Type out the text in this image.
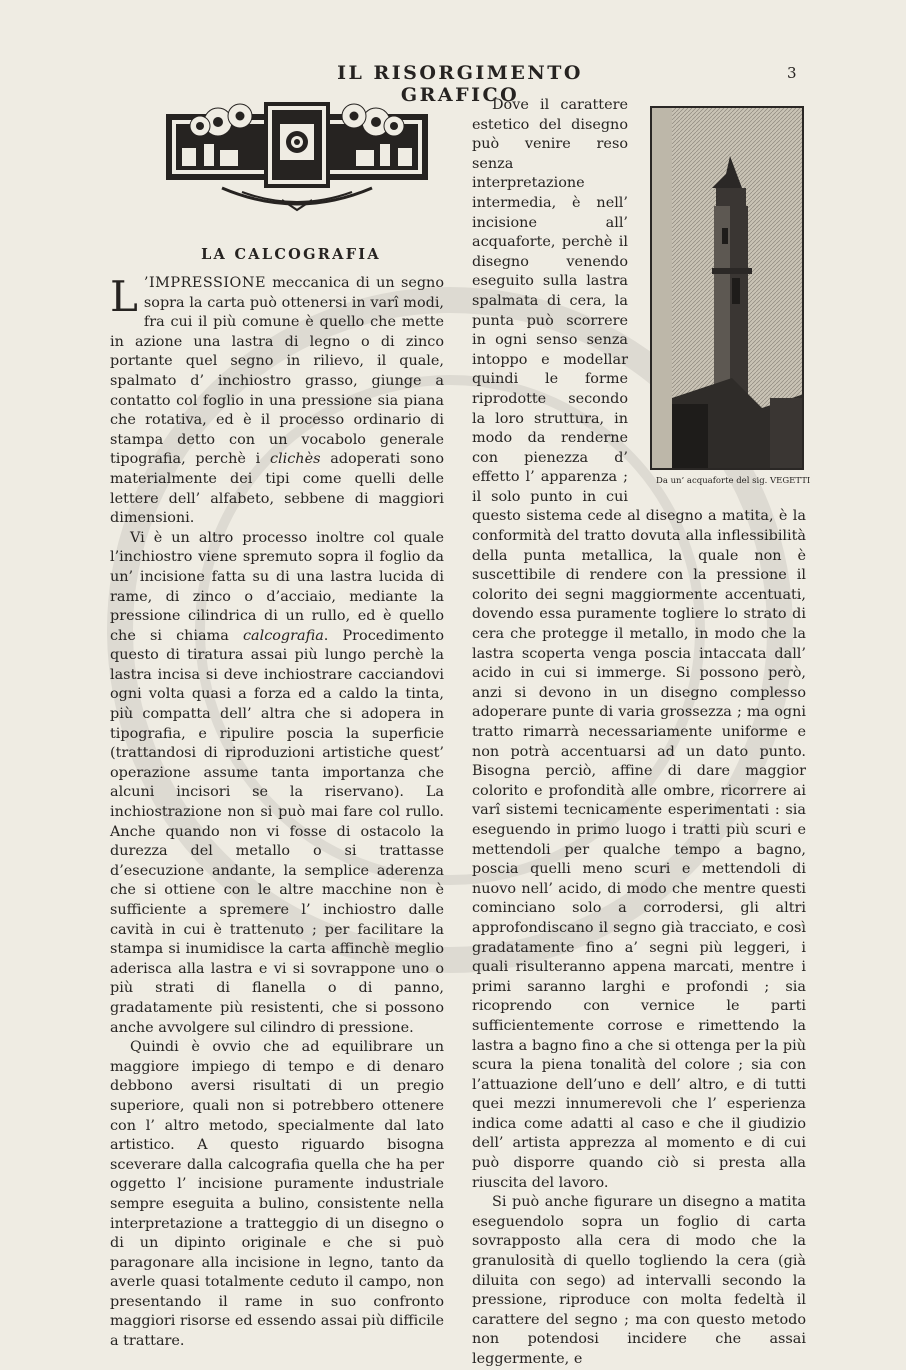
IL RISORGIMENTO GRAFICO
3
LA CALCOGRAFIA

L ’IMPRESSIONE meccanica di un segno sopra la carta può ottenersi in varî modi, fra cui il più comune è quello che mette in azione una lastra di legno o di zinco portante quel segno in rilievo, il quale, spalmato d’ inchiostro grasso, giunge a contatto col foglio in una pressione sia piana che rotativa, ed è il processo ordinario di stampa detto con un vocabolo generale tipografia, perchè i clichès adoperati sono materialmente dei tipi come quelli delle lettere dell’ alfabeto, sebbene di maggiori dimensioni.

Vi è un altro processo inoltre col quale l’inchiostro viene spremuto sopra il foglio da un’ incisione fatta su di una lastra lucida di rame, di zinco o d’acciaio, mediante la pressione cilindrica di un rullo, ed è quello che si chiama calcografia. Procedimento questo di tiratura assai più lungo perchè la lastra incisa si deve inchiostrare cacciandovi ogni volta quasi a forza ed a caldo la tinta, più compatta dell’ altra che si adopera in tipografia, e ripulire poscia la superficie (trattandosi di riproduzioni artistiche quest’ operazione assume tanta importanza che alcuni incisori se la riservano). La inchiostrazione non si può mai fare col rullo. Anche quando non vi fosse di ostacolo la durezza del metallo o si trattasse d’esecuzione andante, la semplice aderenza che si ottiene con le altre macchine non è sufficiente a spremere l’ inchiostro dalle cavità in cui è trattenuto ; per facilitare la stampa si inumidisce la carta affinchè meglio aderisca alla lastra e vi si sovrappone uno o più strati di flanella o di panno, gradatamente più resistenti, che si possono anche avvolgere sul cilindro di pressione.

Quindi è ovvio che ad equilibrare un maggiore impiego di tempo e di denaro debbono aversi risultati di un pregio superiore, quali non si potrebbero ottenere con l’ altro metodo, specialmente dal lato artistico. A questo riguardo bisogna sceverare dalla calcografia quella che ha per oggetto l’ incisione puramente industriale sempre eseguita a bulino, consistente nella interpretazione a tratteggio di un disegno o di un dipinto originale e che si può paragonare alla incisione in legno, tanto da averle quasi totalmente ceduto il campo, non presentando il rame in suo confronto maggiori risorse ed essendo assai più difficile a trattare.

Da un’ acquaforte del sig. VEGETTI
Dove il carattere estetico del disegno può venire reso senza interpretazione intermedia, è nell’ incisione all’ acquaforte, perchè il disegno venendo eseguito sulla lastra spalmata di cera, la punta può scorrere in ogni senso senza intoppo e modellar quindi le forme riprodotte secondo la loro struttura, in modo da renderne con pienezza d’ effetto l’ apparenza ; il solo punto in cui questo sistema cede al disegno a matita, è la conformità del tratto dovuta alla inflessibilità della punta metallica, la quale non è suscettibile di rendere con la pressione il colorito dei segni maggiormente accentuati, dovendo essa puramente togliere lo strato di cera che protegge il metallo, in modo che la lastra scoperta venga poscia intaccata dall’ acido in cui si immerge. Si possono però, anzi si devono in un disegno complesso adoperare punte di varia grossezza ; ma ogni tratto rimarrà necessariamente uniforme e non potrà accentuarsi ad un dato punto. Bisogna perciò, affine di dare maggior colorito e profondità alle ombre, ricorrere ai varî sistemi tecnicamente esperimentati : sia eseguendo in primo luogo i tratti più scuri e mettendoli per qualche tempo a bagno, poscia quelli meno scuri e mettendoli di nuovo nell’ acido, di modo che mentre questi cominciano solo a corrodersi, gli altri approfondiscano il segno già tracciato, e così gradatamente fino a’ segni più leggeri, i quali risulteranno appena marcati, mentre i primi saranno larghi e profondi ; sia ricoprendo con vernice le parti sufficientemente corrose e rimettendo la lastra a bagno fino a che si ottenga per la più scura la piena tonalità del colore ; sia con l’attuazione dell’uno e dell’ altro, e di tutti quei mezzi innumerevoli che l’ esperienza indica come adatti al caso e che il giudizio dell’ artista apprezza al momento e di cui può disporre quando ciò si presta alla riuscita del lavoro.

Si può anche figurare un disegno a matita eseguendolo sopra un foglio di carta sovrapposto alla cera di modo che la granulosità di quello togliendo la cera (già diluita con sego) ad intervalli secondo la pressione, riproduce con molta fedeltà il carattere del segno ; ma con questo metodo non potendosi incidere che assai leggermente, e
